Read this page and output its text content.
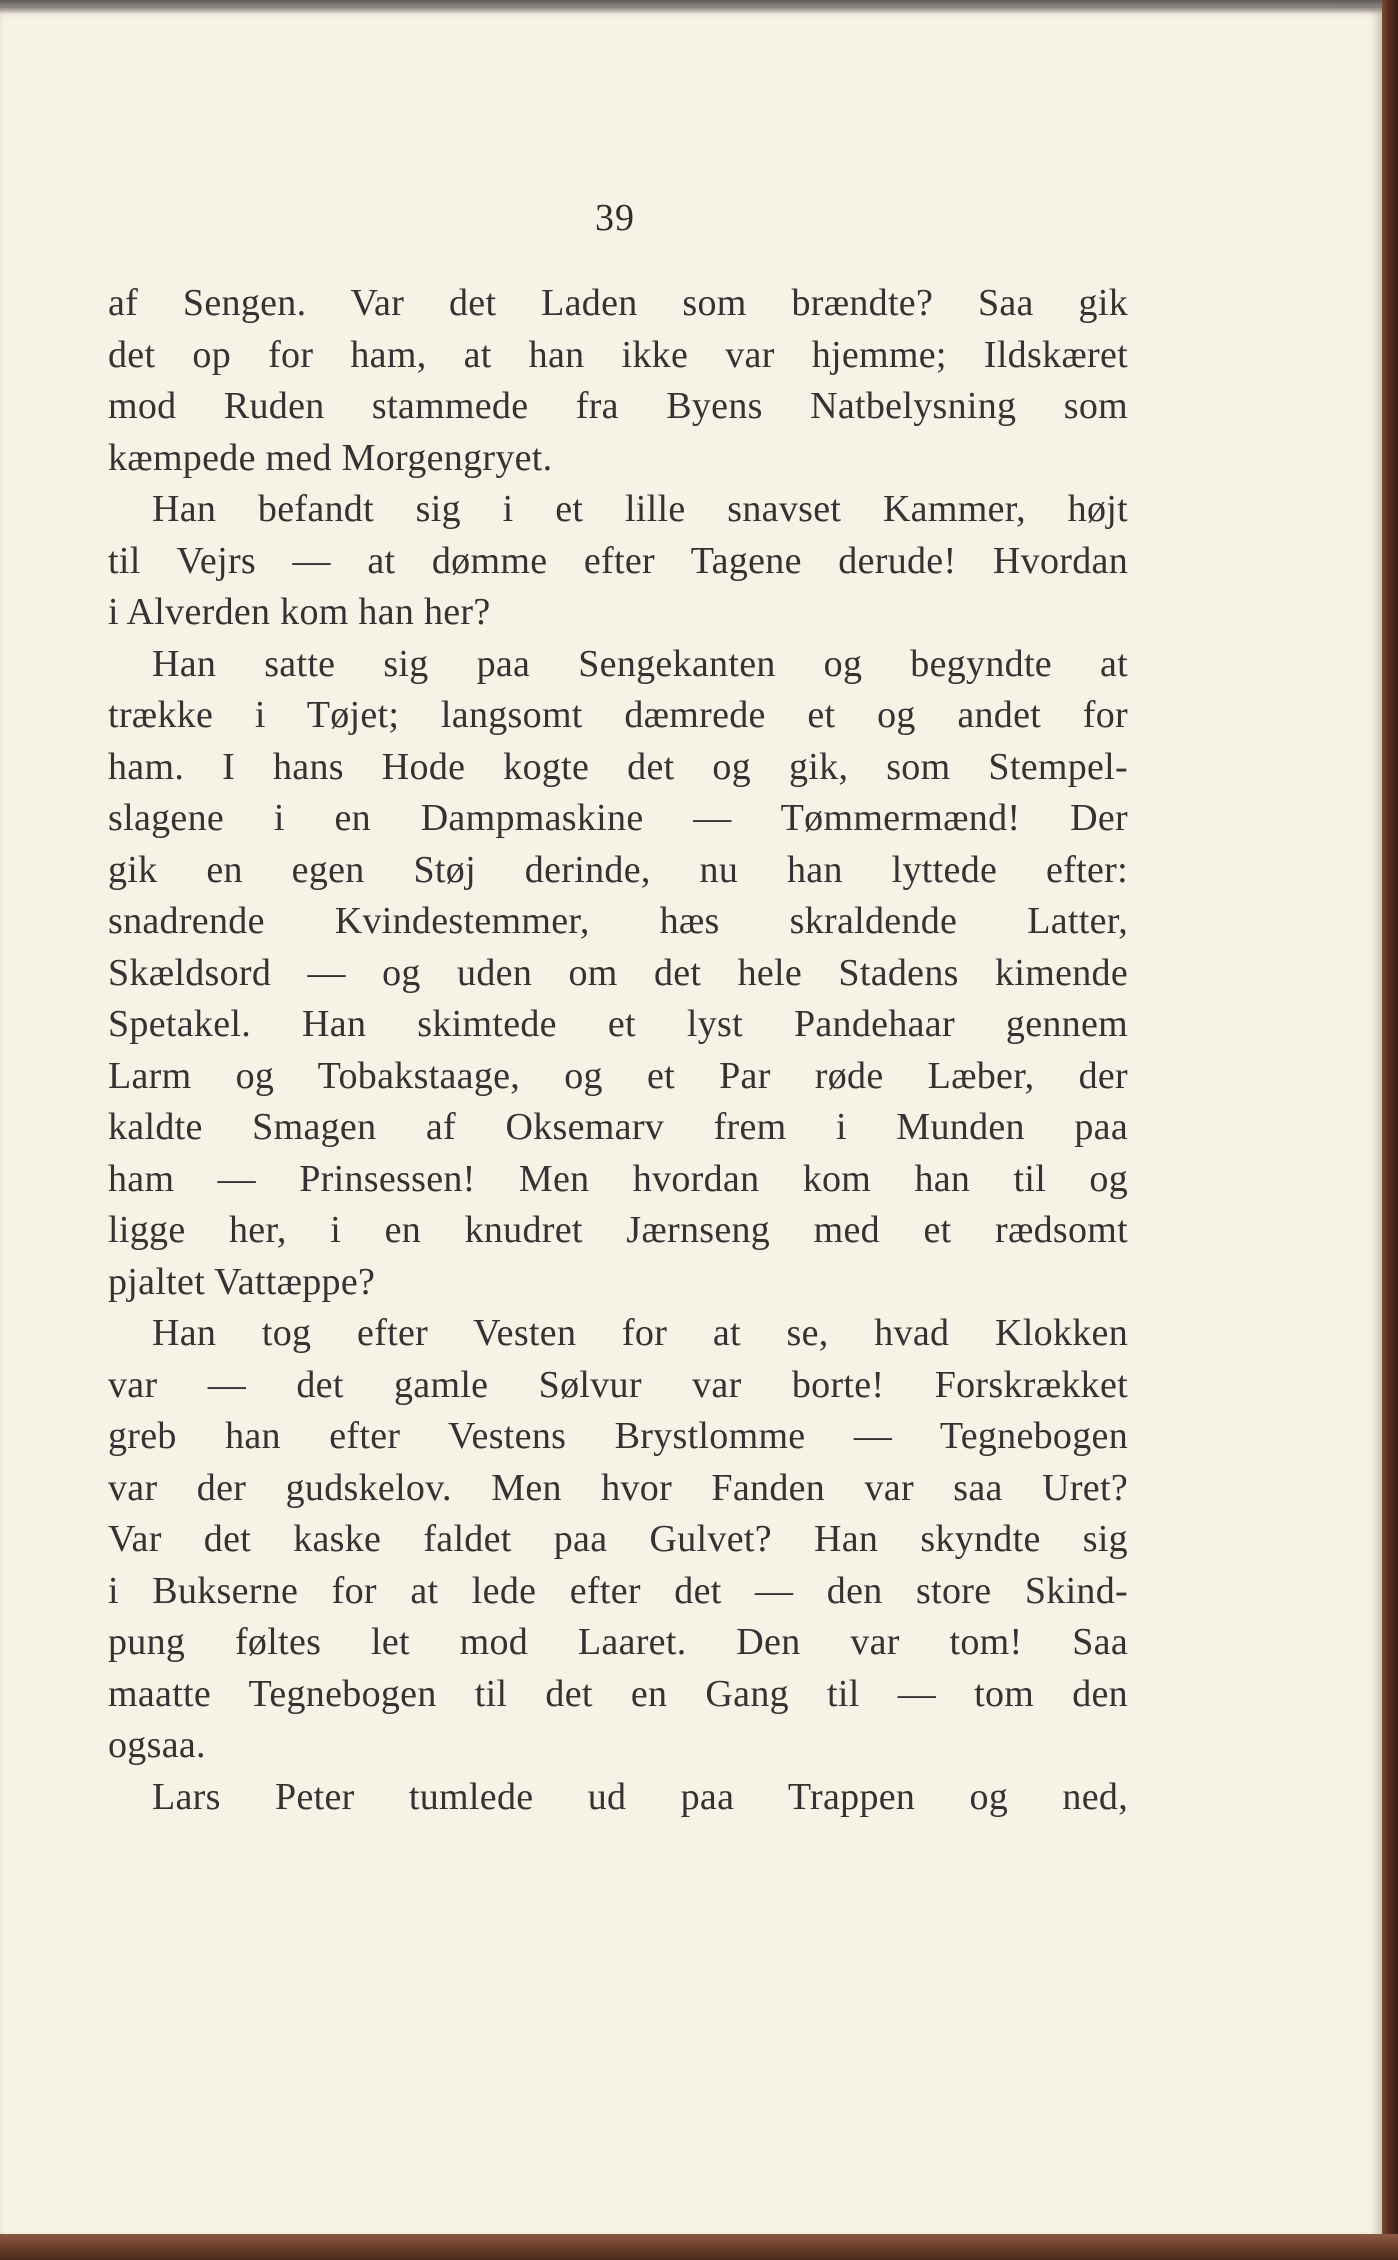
39
af Sengen. Var det Laden som brændte? Saa gik
det op for ham, at han ikke var hjemme; Ildskæret
mod Ruden stammede fra Byens Natbelysning som
kæmpede med Morgengryet.
Han befandt sig i et lille snavset Kammer, højt
til Vejrs — at dømme efter Tagene derude! Hvordan
i Alverden kom han her?
Han satte sig paa Sengekanten og begyndte at
trække i Tøjet; langsomt dæmrede et og andet for
ham. I hans Hode kogte det og gik, som Stempel-
slagene i en Dampmaskine — Tømmermænd! Der
gik en egen Støj derinde, nu han lyttede efter:
snadrende Kvindestemmer, hæs skraldende Latter,
Skældsord — og uden om det hele Stadens kimende
Spetakel. Han skimtede et lyst Pandehaar gennem
Larm og Tobakstaage, og et Par røde Læber, der
kaldte Smagen af Oksemarv frem i Munden paa
ham — Prinsessen! Men hvordan kom han til og
ligge her, i en knudret Jærnseng med et rædsomt
pjaltet Vattæppe?
Han tog efter Vesten for at se, hvad Klokken
var — det gamle Sølvur var borte! Forskrækket
greb han efter Vestens Brystlomme — Tegnebogen
var der gudskelov. Men hvor Fanden var saa Uret?
Var det kaske faldet paa Gulvet? Han skyndte sig
i Bukserne for at lede efter det — den store Skind-
pung føltes let mod Laaret. Den var tom! Saa
maatte Tegnebogen til det en Gang til — tom den
ogsaa.
Lars Peter tumlede ud paa Trappen og ned,
